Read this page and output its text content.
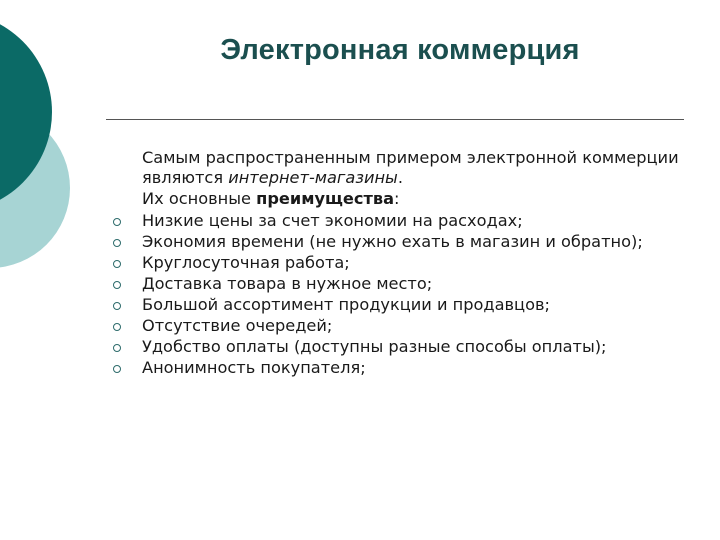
Электронная коммерция

Самым распространенным примером электронной коммерции являются интернет-магазины.

Их основные преимущества:

Низкие цены за счет экономии на расходах;
Экономия времени (не нужно ехать в магазин и обратно);
Круглосуточная работа;
Доставка товара в нужное место;
Большой ассортимент продукции и продавцов;
Отсутствие очередей;
Удобство оплаты (доступны разные способы оплаты);
Анонимность покупателя;
